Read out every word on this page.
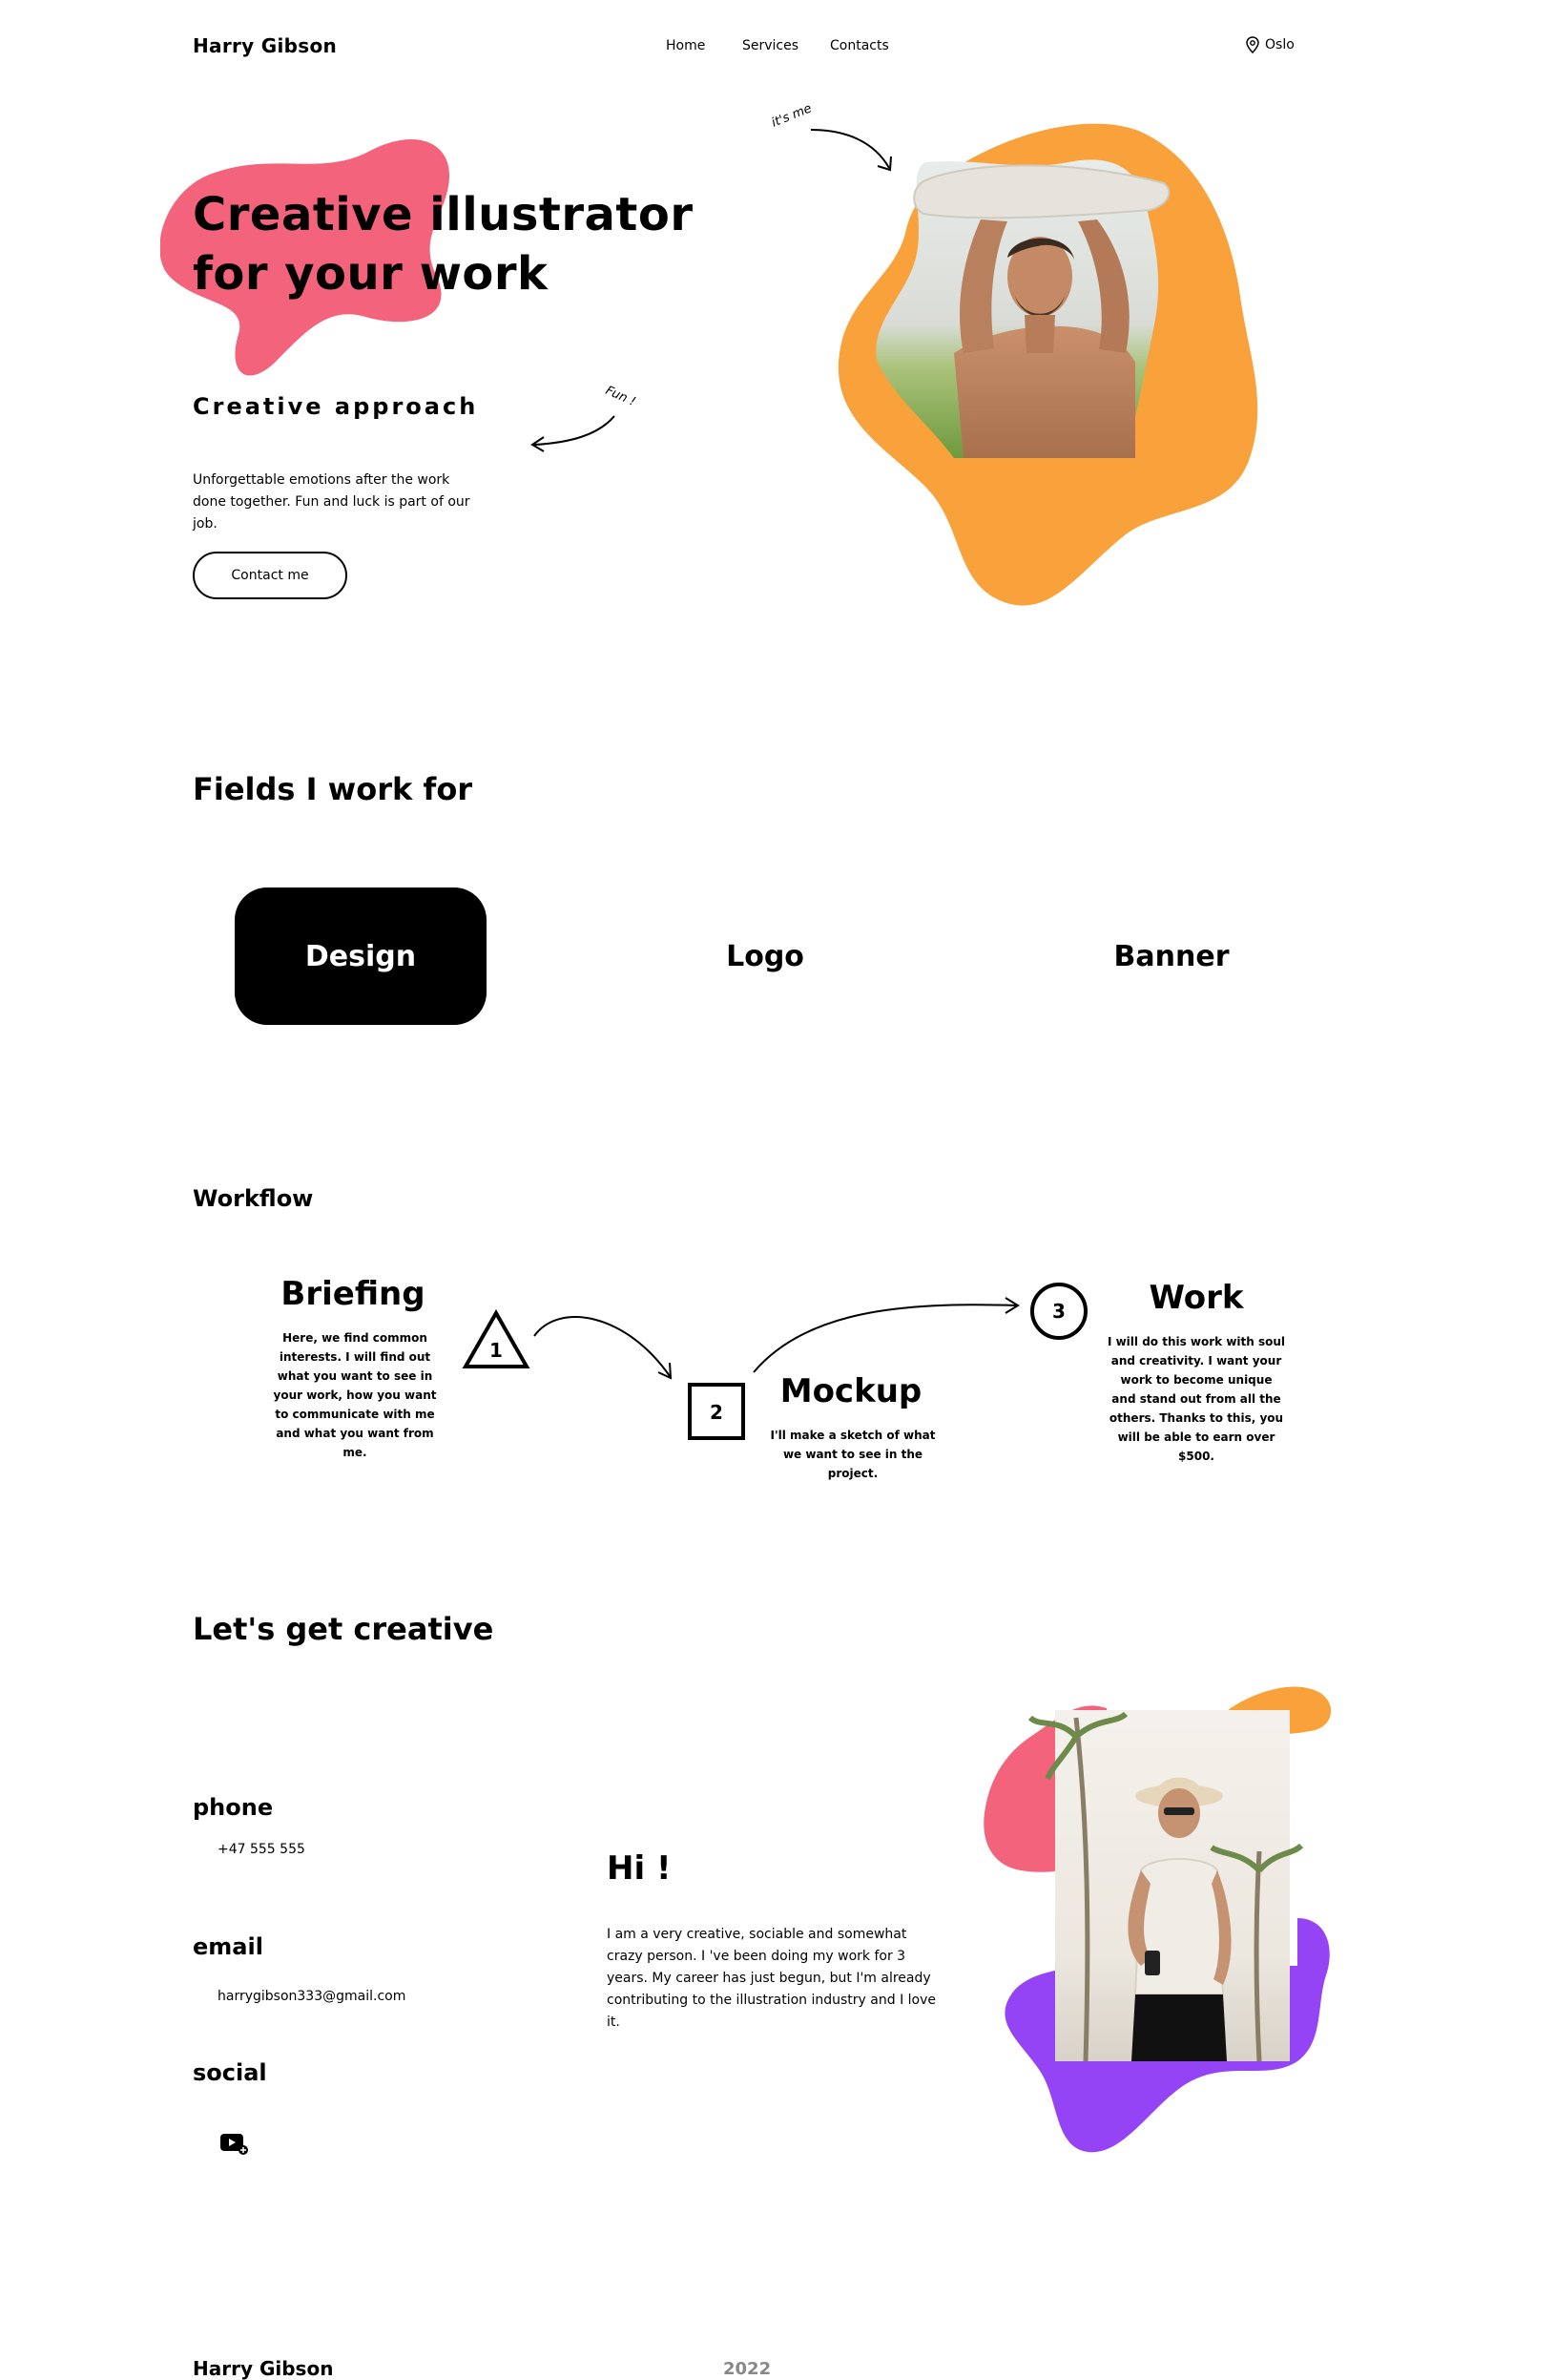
Harry Gibson	Home	Services Contacts	Oslo
Creative illustrator
for your work
Creative approach
Unforgettable emotions after the work done together. Fun and luck is part of our job.
Contact me
it's me
Fun !
Fields I work for
Design	Logo	Banner
Workflow
Briefing
Here, we find common interests. I will find out what you want to see in your work, how you want to communicate with me and what you want from me.
1
2
Mockup
I'll make a sketch of what we want to see in the project.
3	Work
I will do this work with soul and creativity. I want your work to become unique and stand out from all the others. Thanks to this, you will be able to earn over $500.
Let's get creative
phone
+47 555 555
email
harrygibson333@gmail.com
social
Hi !
I am a very creative, sociable and somewhat crazy person. I 've been doing my work for 3 years. My career has just begun, but I'm already contributing to the illustration industry and I love it.
Harry Gibson	2022
